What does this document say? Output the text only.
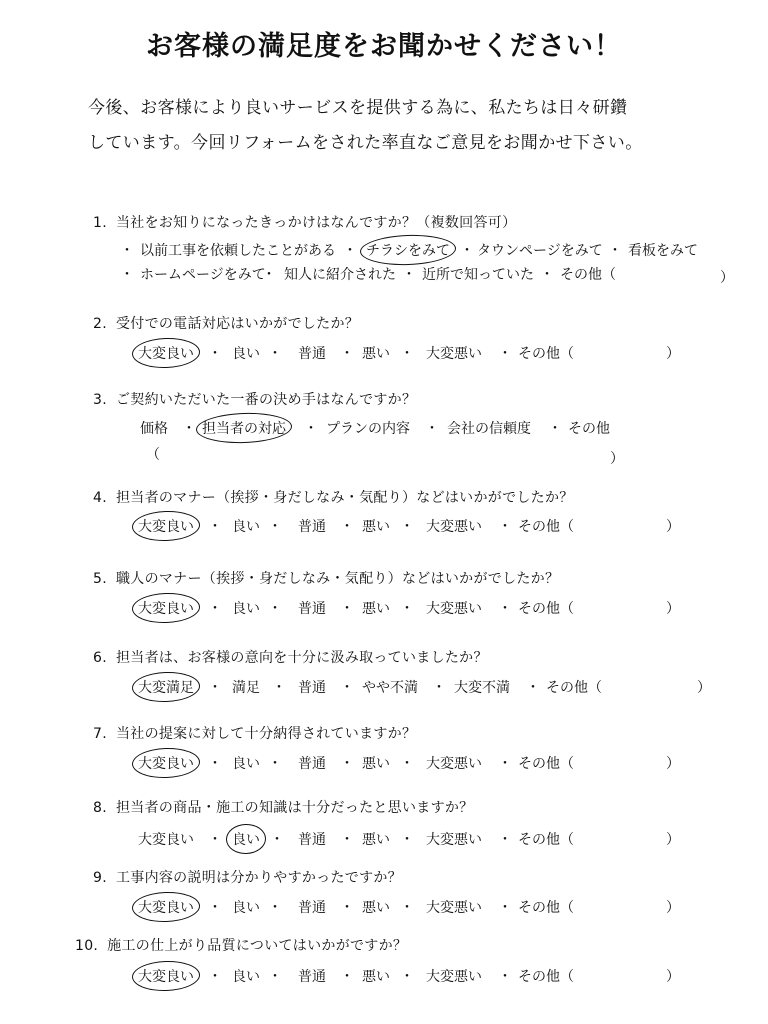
お客様の満足度をお聞かせください！
今後、お客様により良いサービスを提供する為に、私たちは日々研鑽
しています。今回リフォームをされた率直なご意見をお聞かせ下さい。
1. 当社をお知りになったきっかけはなんですか？（複数回答可）
・ 以前工事を依頼したことがある ・ チラシをみて ・ タウンページをみて ・ 看板をみて
・ ホームページをみて
・ 知人に紹介された ・ 近所で知っていた ・ その他（	）
2. 受付での電話対応はいかがでしたか？
大変良い ・ 良い ・ 普通 ・ 悪い ・ 大変悪い ・ その他（	）
3. ご契約いただいた一番の決め手はなんですか？
価格 ・ 担当者の対応 ・ プランの内容 ・ 会社の信頼度 ・ その他
（	）
4. 担当者のマナー（挨拶・身だしなみ・気配り）などはいかがでしたか？
大変良い ・ 良い ・ 普通 ・ 悪い ・ 大変悪い ・ その他（	）
5. 職人のマナー（挨拶・身だしなみ・気配り）などはいかがでしたか？
大変良い ・ 良い ・ 普通 ・ 悪い ・ 大変悪い ・ その他（	）
6. 担当者は、お客様の意向を十分に汲み取っていましたか？
大変満足 ・ 満足 ・ 普通 ・ やや不満 ・ 大変不満 ・ その他（	）
7. 当社の提案に対して十分納得されていますか？
大変良い ・ 良い ・ 普通 ・ 悪い ・ 大変悪い ・ その他（	）
8. 担当者の商品・施工の知識は十分だったと思いますか？
大変良い ・ 良い ・ 普通 ・ 悪い ・ 大変悪い ・ その他（	）
9. 工事内容の説明は分かりやすかったですか？
大変良い ・ 良い ・ 普通 ・ 悪い ・ 大変悪い ・ その他（	）
10. 施工の仕上がり品質についてはいかがですか？
大変良い ・ 良い ・ 普通 ・ 悪い ・ 大変悪い ・ その他（	）
